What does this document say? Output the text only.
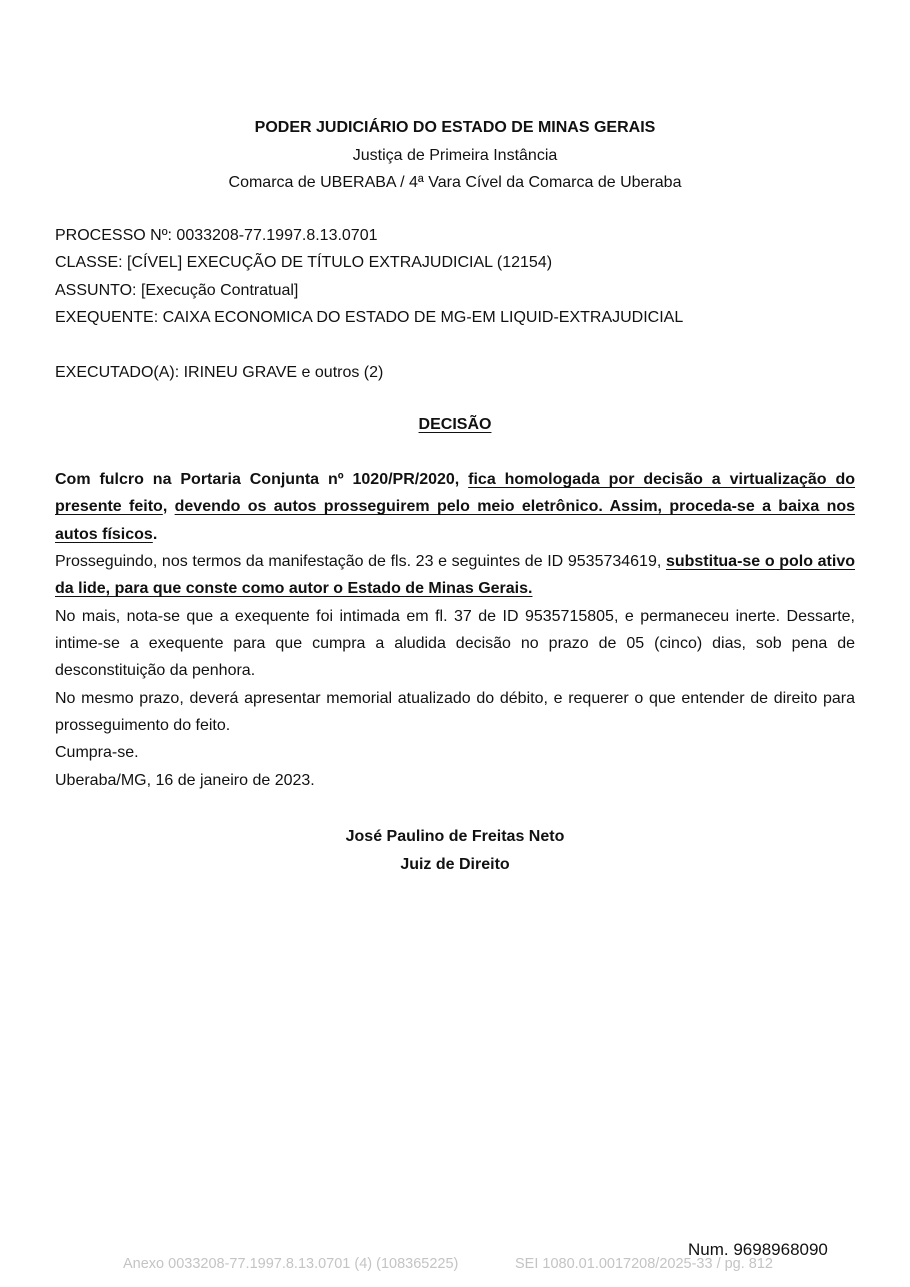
PODER JUDICIÁRIO DO ESTADO DE MINAS GERAIS
Justiça de Primeira Instância
Comarca de UBERABA / 4ª Vara Cível da Comarca de Uberaba
PROCESSO Nº: 0033208-77.1997.8.13.0701
CLASSE: [CÍVEL] EXECUÇÃO DE TÍTULO EXTRAJUDICIAL (12154)
ASSUNTO: [Execução Contratual]
EXEQUENTE: CAIXA ECONOMICA DO ESTADO DE MG-EM LIQUID-EXTRAJUDICIAL
EXECUTADO(A): IRINEU GRAVE e outros (2)
DECISÃO
Com fulcro na Portaria Conjunta nº 1020/PR/2020, fica homologada por decisão a virtualização do presente feito, devendo os autos prosseguirem pelo meio eletrônico. Assim, proceda-se a baixa nos autos físicos.
Prosseguindo, nos termos da manifestação de fls. 23 e seguintes de ID 9535734619, substitua-se o polo ativo da lide, para que conste como autor o Estado de Minas Gerais.
No mais, nota-se que a exequente foi intimada em fl. 37 de ID 9535715805, e permaneceu inerte. Dessarte, intime-se a exequente para que cumpra a aludida decisão no prazo de 05 (cinco) dias, sob pena de desconstituição da penhora.
No mesmo prazo, deverá apresentar memorial atualizado do débito, e requerer o que entender de direito para prosseguimento do feito.
Cumpra-se.
Uberaba/MG, 16 de janeiro de 2023.
José Paulino de Freitas Neto
Juiz de Direito
Num. 9698968090
Anexo 0033208-77.1997.8.13.0701 (4) (108365225)	SEI 1080.01.0017208/2025-33 / pg. 812
